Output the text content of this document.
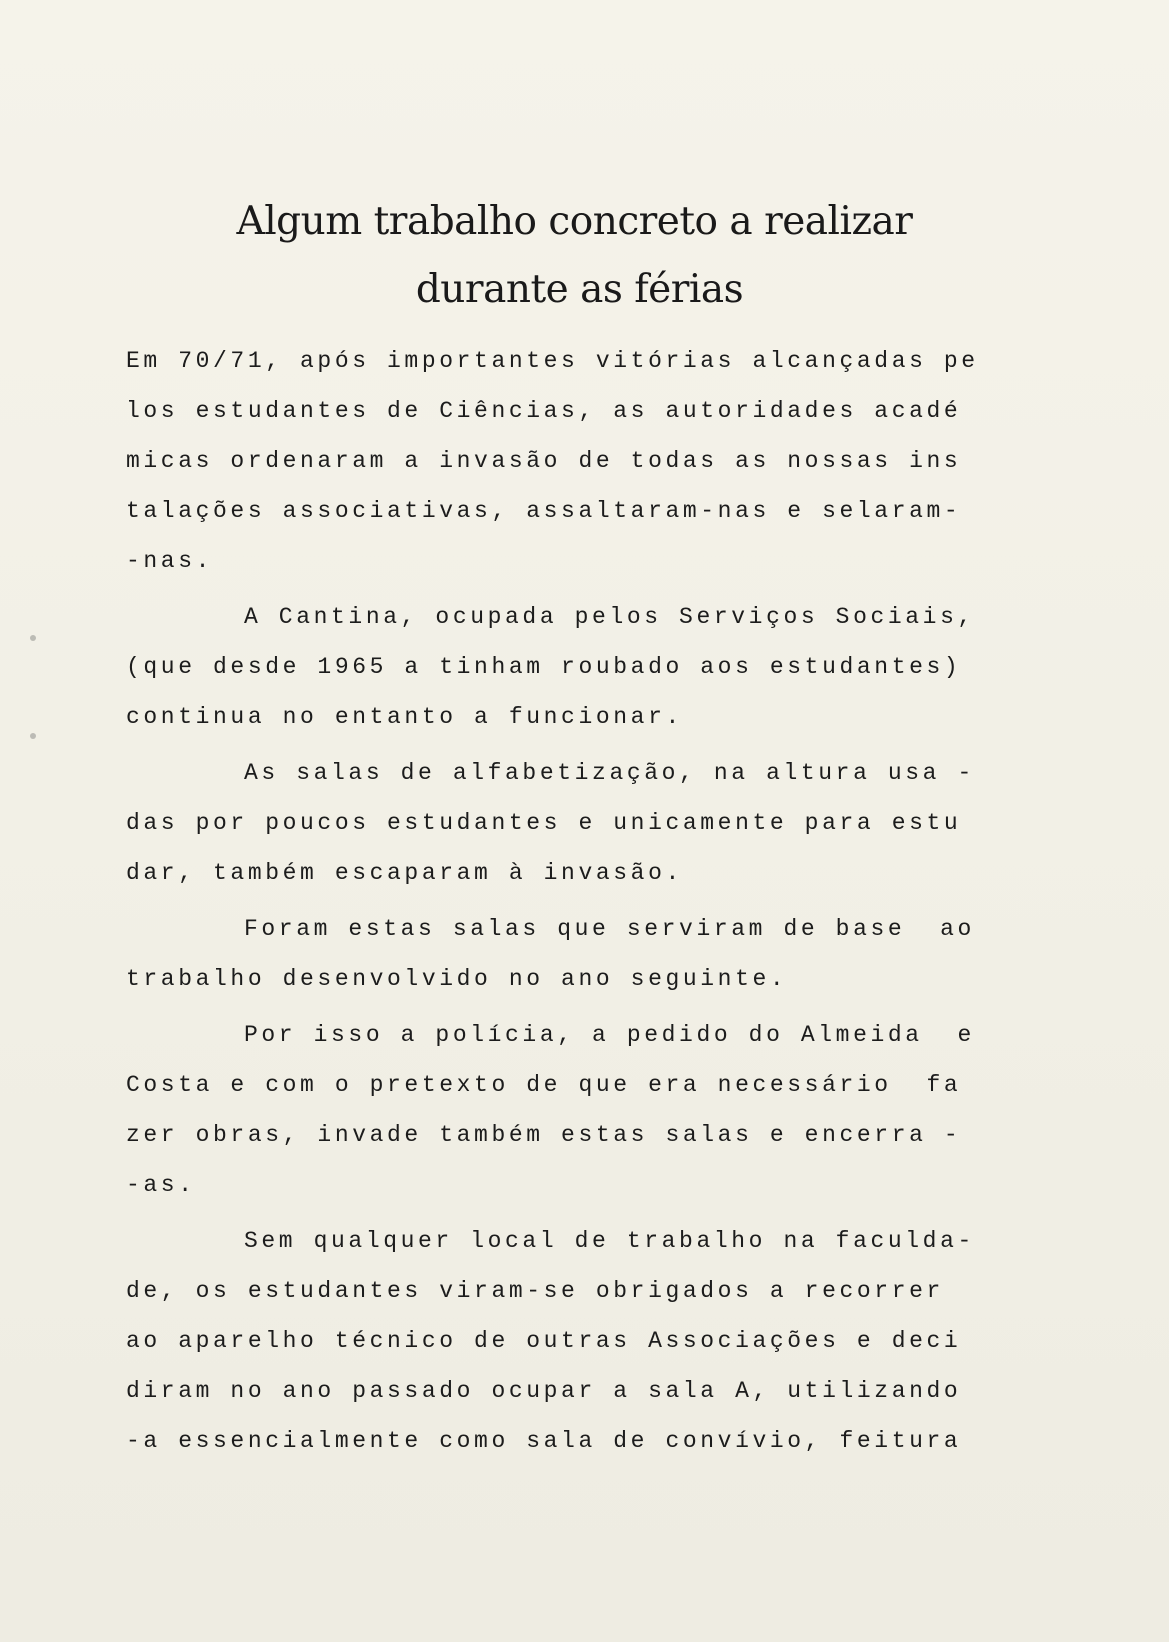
Algum trabalho concreto a realizar
durante as férias
Em 70/71, após importantes vitórias alcançadas pe
los estudantes de Ciências, as autoridades acadé
micas ordenaram a invasão de todas as nossas ins
talações associativas, assaltaram-nas e selaram-
-nas.
A Cantina, ocupada pelos Serviços Sociais,
(que desde 1965 a tinham roubado aos estudantes)
continua no entanto a funcionar.
As salas de alfabetização, na altura usa -
das por poucos estudantes e unicamente para estu
dar, também escaparam à invasão.
Foram estas salas que serviram de base  ao
trabalho desenvolvido no ano seguinte.
Por isso a polícia, a pedido do Almeida  e
Costa e com o pretexto de que era necessário  fa
zer obras, invade também estas salas e encerra -
-as.
Sem qualquer local de trabalho na faculda-
de, os estudantes viram-se obrigados a recorrer
ao aparelho técnico de outras Associações e deci
diram no ano passado ocupar a sala A, utilizando
-a essencialmente como sala de convívio, feitura
